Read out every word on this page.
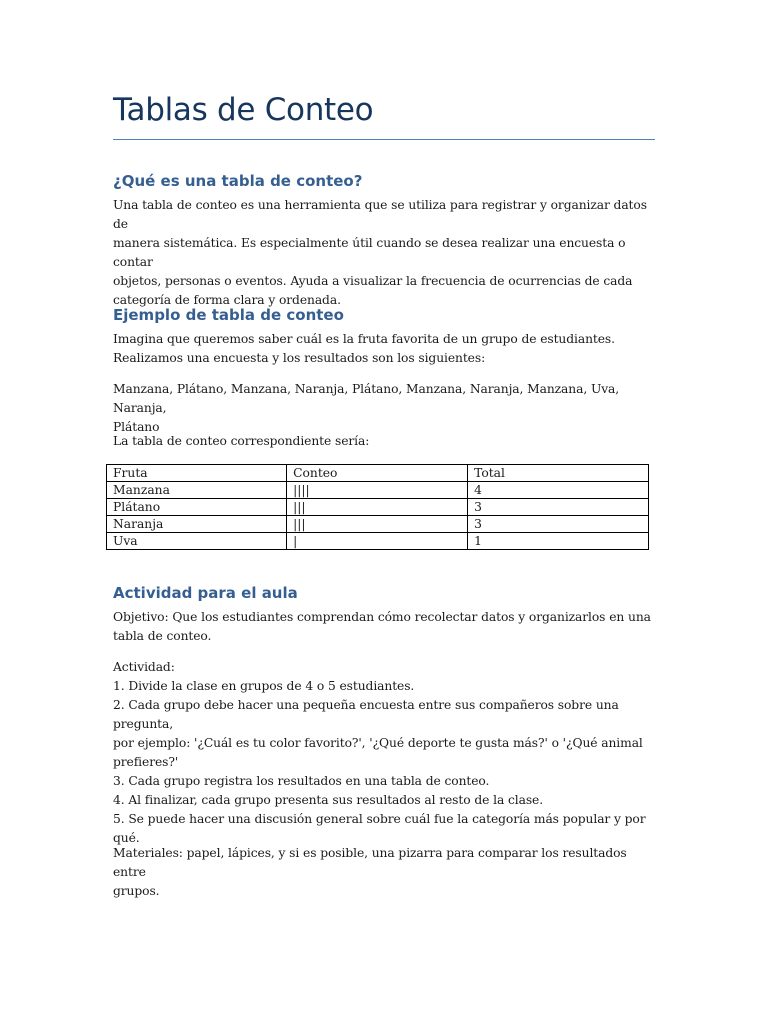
Tablas de Conteo
¿Qué es una tabla de conteo?

Una tabla de conteo es una herramienta que se utiliza para registrar y organizar datos de

manera sistemática. Es especialmente útil cuando se desea realizar una encuesta o contar

objetos, personas o eventos. Ayuda a visualizar la frecuencia de ocurrencias de cada

categoría de forma clara y ordenada.

Ejemplo de tabla de conteo

Imagina que queremos saber cuál es la fruta favorita de un grupo de estudiantes.

Realizamos una encuesta y los resultados son los siguientes:

Manzana, Plátano, Manzana, Naranja, Plátano, Manzana, Naranja, Manzana, Uva, Naranja,

Plátano

La tabla de conteo correspondiente sería:

Fruta	Conteo	Total
Manzana	||||	4
Plátano	|||	3
Naranja	|||	3
Uva	|	1
Actividad para el aula

Objetivo: Que los estudiantes comprendan cómo recolectar datos y organizarlos en una

tabla de conteo.

Actividad:

1. Divide la clase en grupos de 4 o 5 estudiantes.

2. Cada grupo debe hacer una pequeña encuesta entre sus compañeros sobre una pregunta,

por ejemplo: '¿Cuál es tu color favorito?', '¿Qué deporte te gusta más?' o '¿Qué animal

prefieres?'

3. Cada grupo registra los resultados en una tabla de conteo.

4. Al finalizar, cada grupo presenta sus resultados al resto de la clase.

5. Se puede hacer una discusión general sobre cuál fue la categoría más popular y por qué.

Materiales: papel, lápices, y si es posible, una pizarra para comparar los resultados entre

grupos.
